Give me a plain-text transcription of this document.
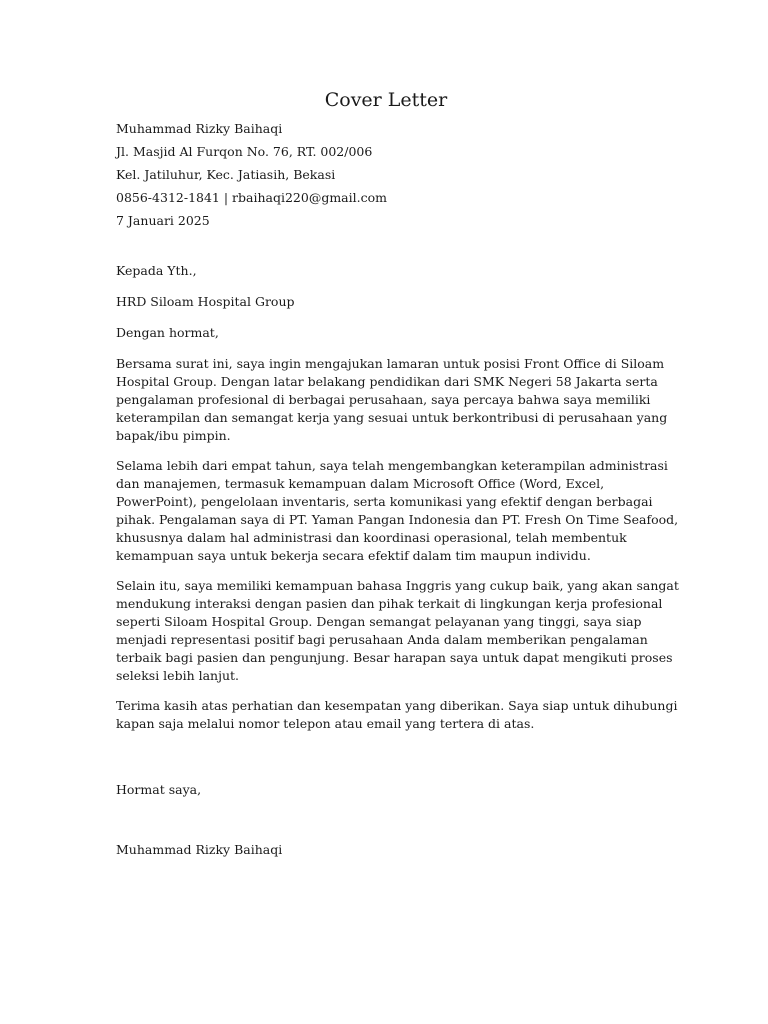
Cover Letter

Muhammad Rizky Baihaqi

Jl. Masjid Al Furqon No. 76, RT. 002/006

Kel. Jatiluhur, Kec. Jatiasih, Bekasi

0856-4312-1841 | rbaihaqi220@gmail.com

7 Januari 2025

Kepada Yth.,

HRD Siloam Hospital Group

Dengan hormat,

Bersama surat ini, saya ingin mengajukan lamaran untuk posisi Front Office di Siloam
Hospital Group. Dengan latar belakang pendidikan dari SMK Negeri 58 Jakarta serta
pengalaman profesional di berbagai perusahaan, saya percaya bahwa saya memiliki
keterampilan dan semangat kerja yang sesuai untuk berkontribusi di perusahaan yang
bapak/ibu pimpin.
Selama lebih dari empat tahun, saya telah mengembangkan keterampilan administrasi
dan manajemen, termasuk kemampuan dalam Microsoft Office (Word, Excel,
PowerPoint), pengelolaan inventaris, serta komunikasi yang efektif dengan berbagai
pihak. Pengalaman saya di PT. Yaman Pangan Indonesia dan PT. Fresh On Time Seafood,
khususnya dalam hal administrasi dan koordinasi operasional, telah membentuk
kemampuan saya untuk bekerja secara efektif dalam tim maupun individu.
Selain itu, saya memiliki kemampuan bahasa Inggris yang cukup baik, yang akan sangat
mendukung interaksi dengan pasien dan pihak terkait di lingkungan kerja profesional
seperti Siloam Hospital Group. Dengan semangat pelayanan yang tinggi, saya siap
menjadi representasi positif bagi perusahaan Anda dalam memberikan pengalaman
terbaik bagi pasien dan pengunjung. Besar harapan saya untuk dapat mengikuti proses
seleksi lebih lanjut.
Terima kasih atas perhatian dan kesempatan yang diberikan. Saya siap untuk dihubungi
kapan saja melalui nomor telepon atau email yang tertera di atas.

Hormat saya,

Muhammad Rizky Baihaqi
